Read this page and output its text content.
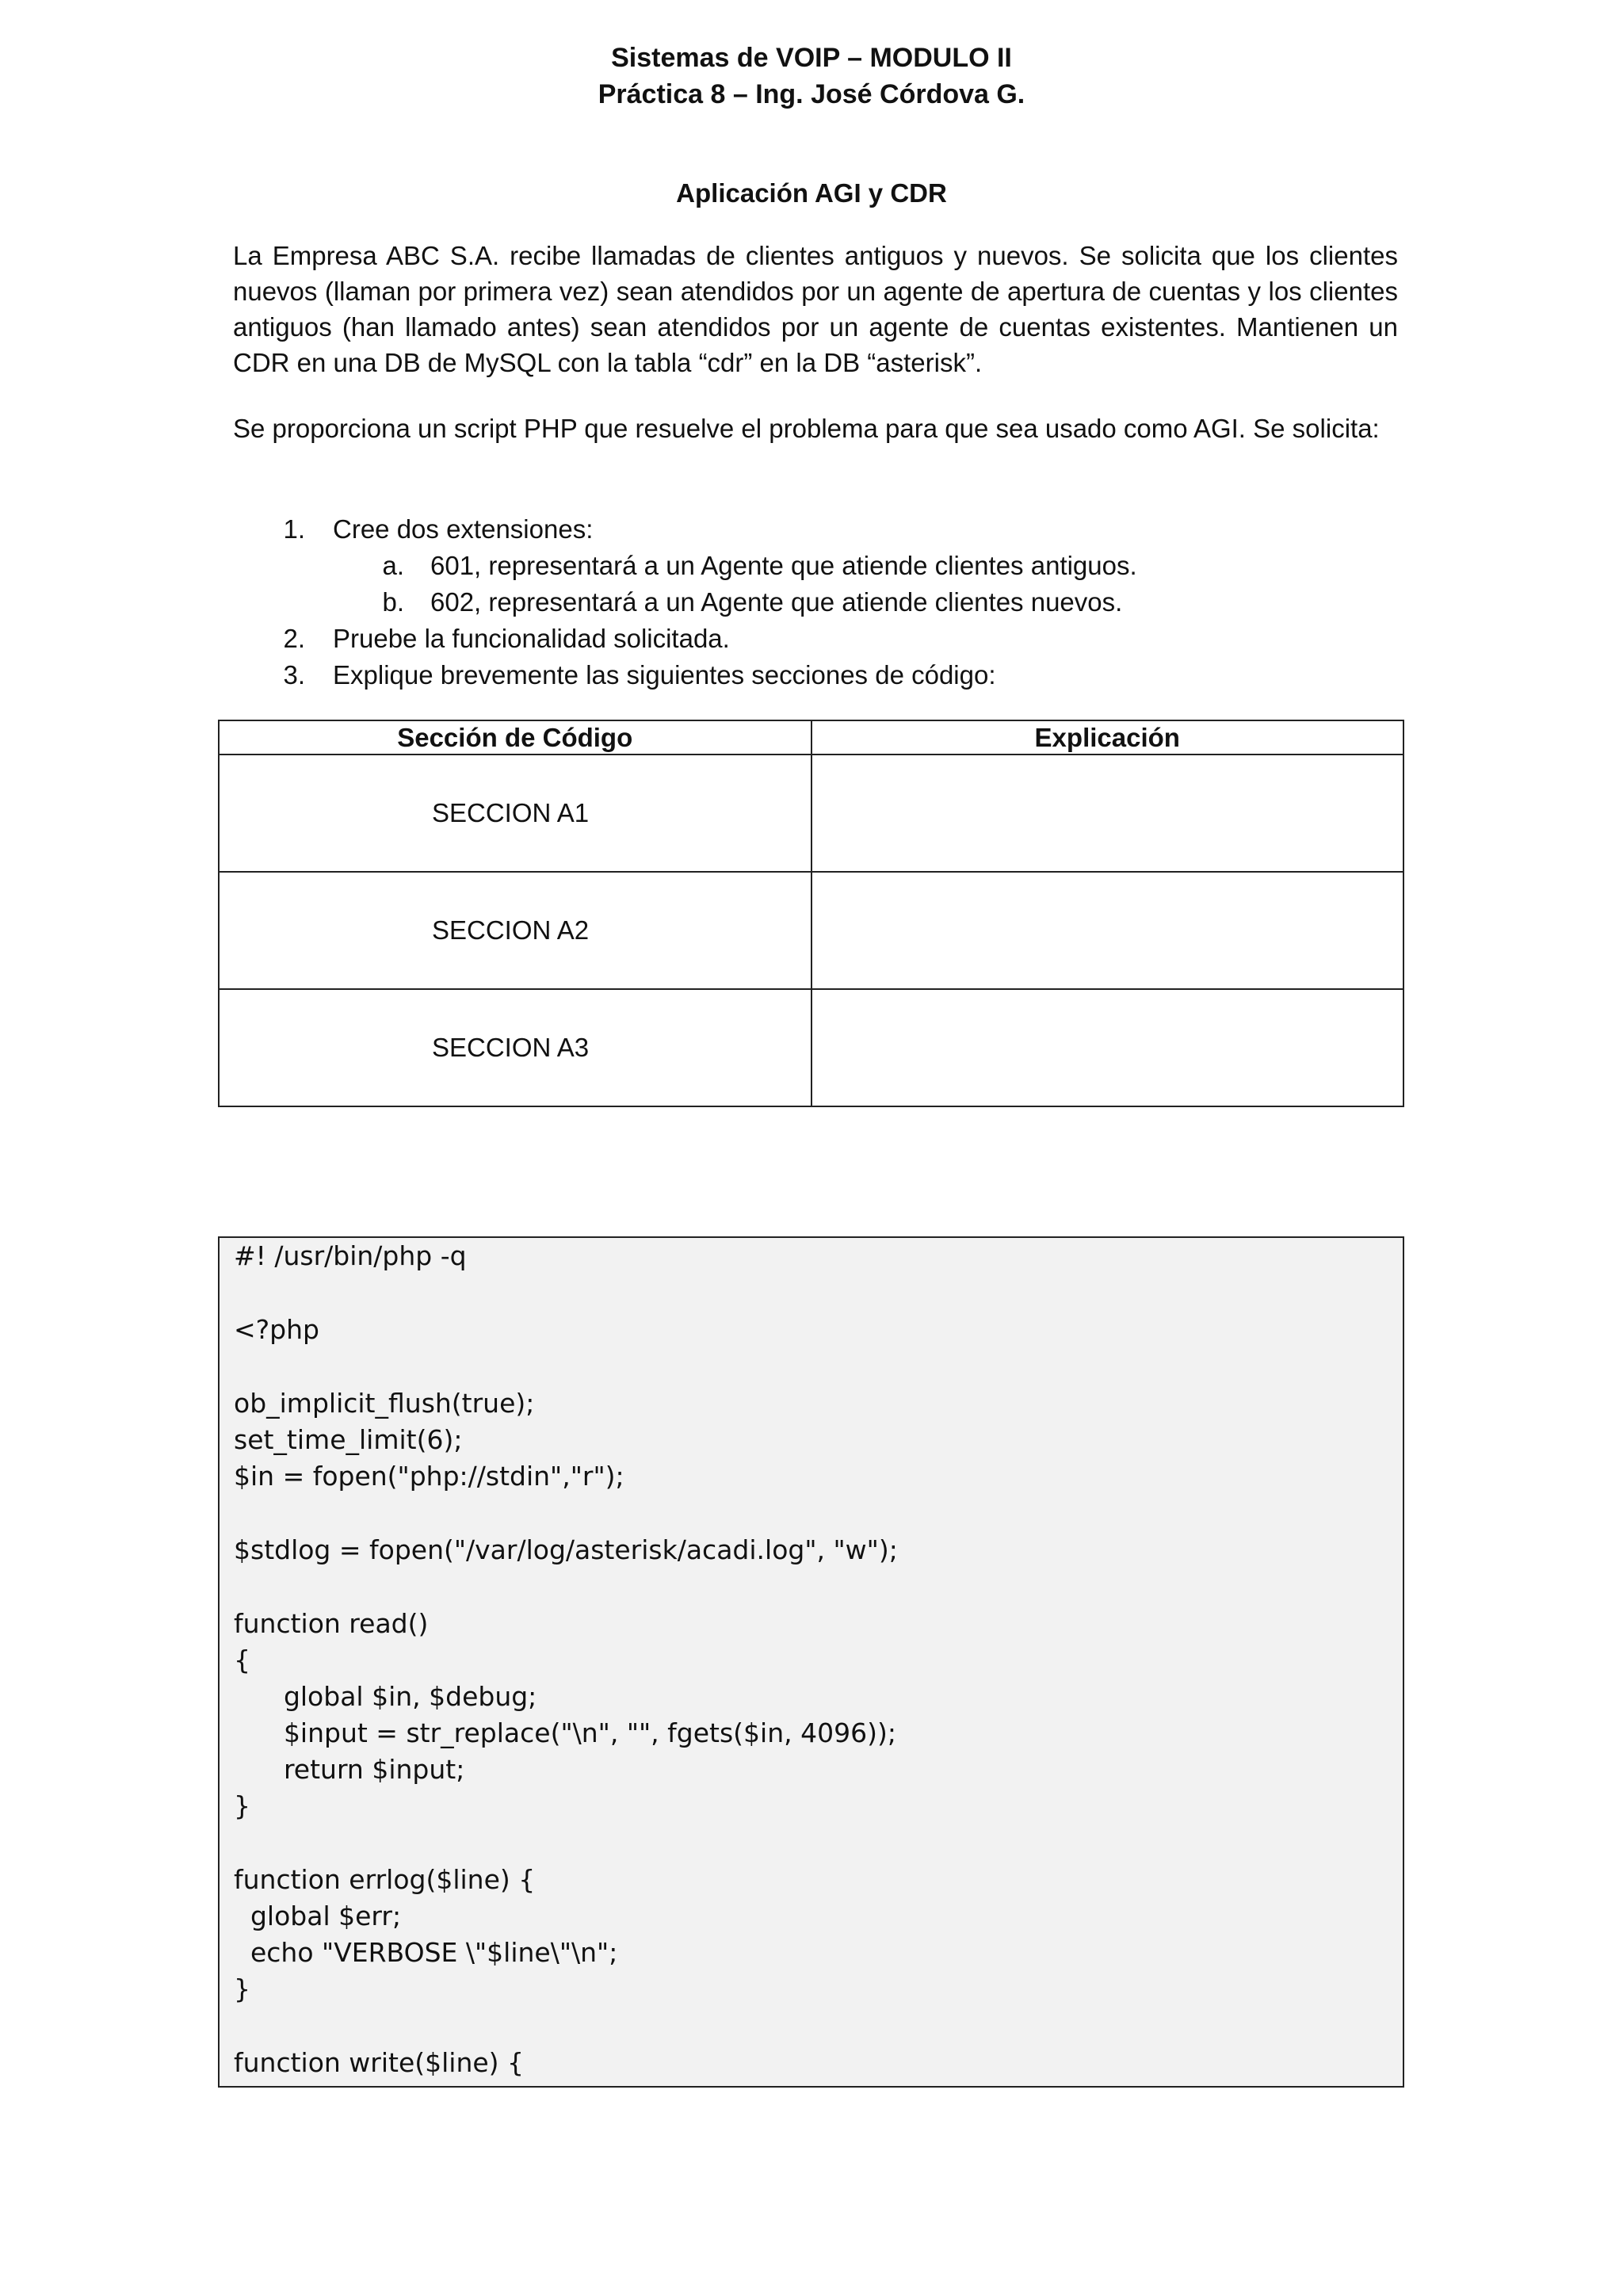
Sistemas de VOIP – MODULO II
Práctica 8 – Ing. José Córdova G.
Aplicación AGI y CDR
La Empresa ABC S.A. recibe llamadas de clientes antiguos y nuevos. Se solicita que los clientes nuevos (llaman por primera vez) sean atendidos por un agente de apertura de cuentas y los clientes antiguos (han llamado antes) sean atendidos por un agente de cuentas existentes. Mantienen un CDR en una DB de MySQL con la tabla “cdr” en la DB “asterisk”.
Se proporciona un script PHP que resuelve el problema para que sea usado como AGI. Se solicita:
1. Cree dos extensiones:
a. 601, representará a un Agente que atiende clientes antiguos.
b. 602, representará a un Agente que atiende clientes nuevos.
2. Pruebe la funcionalidad solicitada.
3. Explique brevemente las siguientes secciones de código:
Sección de Código	Explicación
SECCION A1	
SECCION A2	
SECCION A3	
#! /usr/bin/php -q
<?php
ob_implicit_flush(true);
set_time_limit(6);
$in = fopen("php://stdin","r");
$stdlog = fopen("/var/log/asterisk/acadi.log", "w");
function read()
{
global $in, $debug;
$input = str_replace("\n", "", fgets($in, 4096));
return $input;
}
function errlog($line) {
global $err;
echo "VERBOSE \"$line\"\n";
}
function write($line) {
